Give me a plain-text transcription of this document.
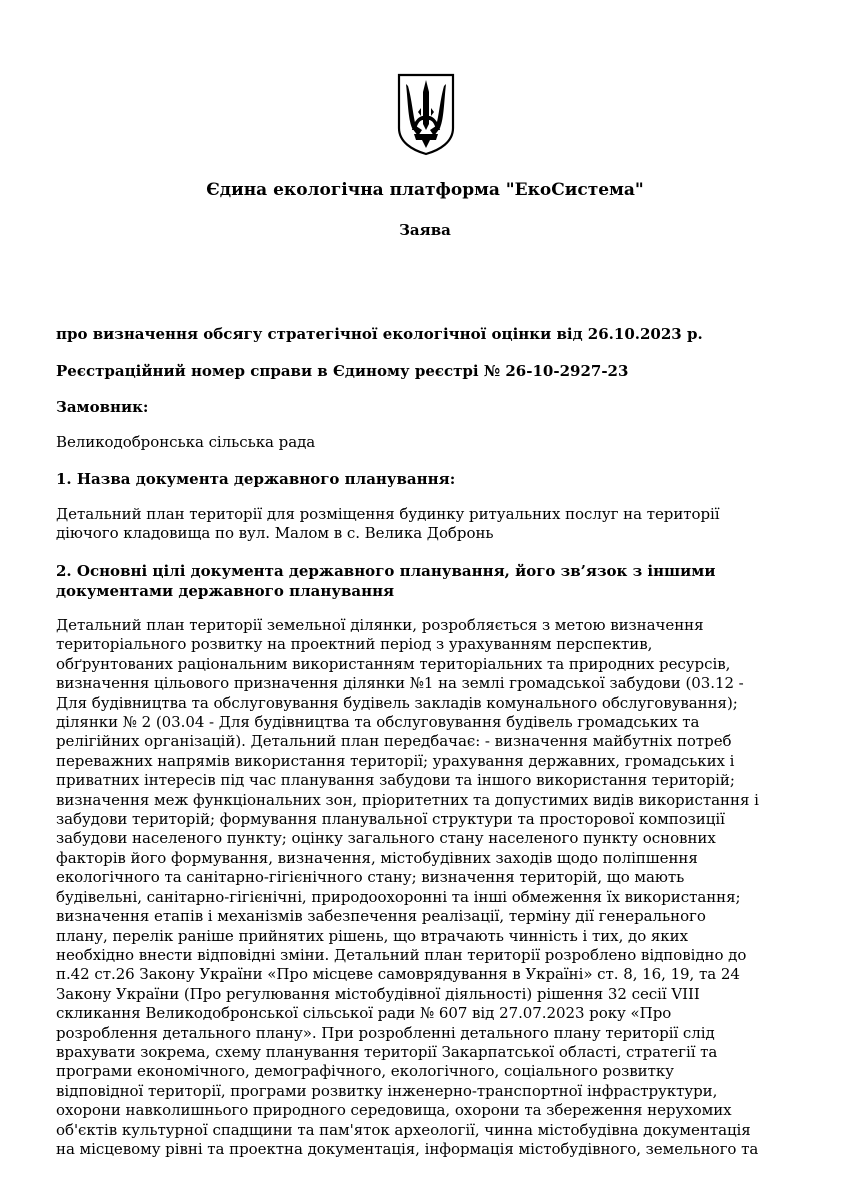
Єдина екологічна платформа "ЕкоСистема"
Заява

про визначення обсягу стратегічної екологічної оцінки від 26.10.2023 р.

Реєстраційний номер справи в Єдиному реєстрі № 26-10-2927-23

Замовник:

Великодобронська сільська рада

1. Назва документа державного планування:

Детальний план території для розміщення будинку ритуальних послуг на території

діючого кладовища по вул. Малом в с. Велика Добронь

2. Основні цілі документа державного планування, його зв’язок з іншими

документами державного планування

Детальний план території земельної ділянки, розробляється з метою визначення

територіального розвитку на проектний період з урахуванням перспектив,

обґрунтованих раціональним використанням територіальних та природних ресурсів,

визначення цільового призначення ділянки №1 на землі громадської забудови (03.12 -

Для будівництва та обслуговування будівель закладів комунального обслуговування);

ділянки № 2 (03.04 - Для будівництва та обслуговування будівель громадських та

релігійних організацій). Детальний план передбачає: - визначення майбутніх потреб

переважних напрямів використання території; урахування державних, громадських і

приватних інтересів під час планування забудови та іншого використання територій;

визначення меж функціональних зон, пріоритетних та допустимих видів використання і

забудови територій; формування планувальної структури та просторової композиції

забудови населеного пункту; оцінку загального стану населеного пункту основних

факторів його формування, визначення, містобудівних заходів щодо поліпшення

екологічного та санітарно-гігієнічного стану; визначення територій, що мають

будівельні, санітарно-гігієнічні, природоохоронні та інші обмеження їх використання;

визначення етапів і механізмів забезпечення реалізації, терміну дії генерального

плану, перелік раніше прийнятих рішень, що втрачають чинність і тих, до яких

необхідно внести відповідні зміни. Детальний план території розроблено відповідно до

п.42 ст.26 Закону України «Про місцеве самоврядування в Україні» ст. 8, 16, 19, та 24

Закону України (Про регулювання містобудівної діяльності) рішення 32 сесії VIII

скликання Великодобронської сільської ради № 607 від 27.07.2023 року «Про

розроблення детального плану». При розробленні детального плану території слід

врахувати зокрема, схему планування території Закарпатської області, стратегії та

програми економічного, демографічного, екологічного, соціального розвитку

відповідної території, програми розвитку інженерно-транспортної інфраструктури,

охорони навколишнього природного середовища, охорони та збереження нерухомих

об'єктів культурної спадщини та пам'яток археології, чинна містобудівна документація

на місцевому рівні та проектна документація, інформація містобудівного, земельного та
